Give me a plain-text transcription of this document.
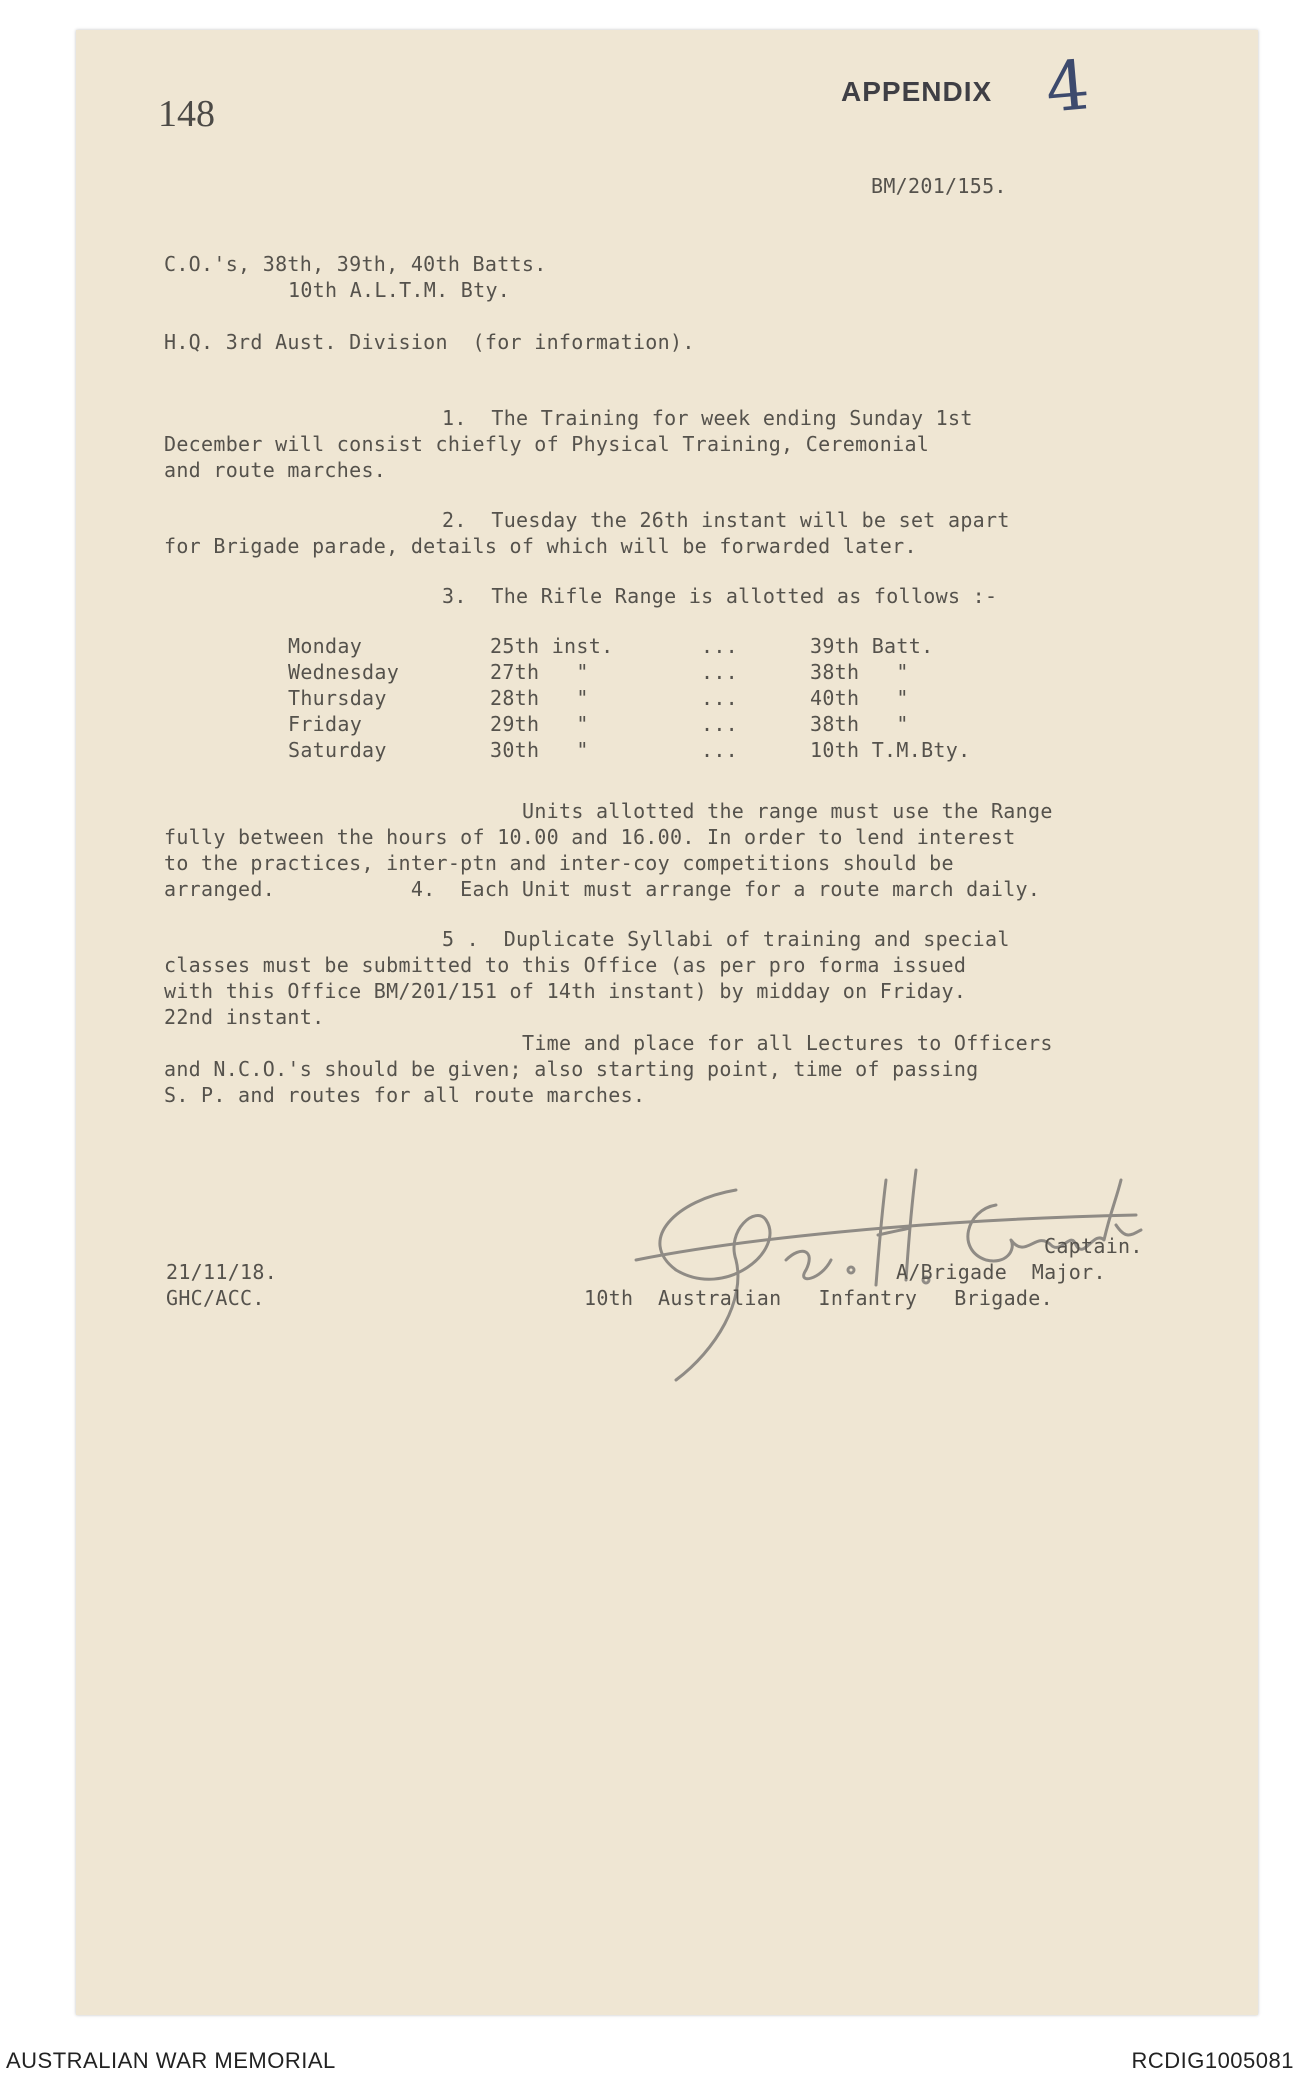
148
APPENDIX 4
BM/201/155.
C.O.'s, 38th, 39th, 40th Batts.
10th A.L.T.M. Bty.
H.Q. 3rd Aust. Division  (for information).
1.  The Training for week ending Sunday 1st
December will consist chiefly of Physical Training, Ceremonial
and route marches.
2.  Tuesday the 26th instant will be set apart
for Brigade parade, details of which will be forwarded later.
3.  The Rifle Range is allotted as follows :-
Monday	25th inst.	...	39th Batt.
Wednesday	27th   "	...	38th   "
Thursday	28th   "	...	40th   "
Friday	29th   "	...	38th   "
Saturday	30th   "	...	10th T.M.Bty.
Units allotted the range must use the Range
fully between the hours of 10.00 and 16.00. In order to lend interest
to the practices, inter-ptn and inter-coy competitions should be
arranged.           4.  Each Unit must arrange for a route march daily.
5 .  Duplicate Syllabi of training and special
classes must be submitted to this Office (as per pro forma issued
with this Office BM/201/151 of 14th instant) by midday on Friday.
22nd instant.
Time and place for all Lectures to Officers
and N.C.O.'s should be given; also starting point, time of passing
S. P. and routes for all route marches.
Captain.
A/Brigade  Major.
10th  Australian   Infantry   Brigade.
21/11/18.
GHC/ACC.
AUSTRALIAN WAR MEMORIAL	RCDIG1005081
